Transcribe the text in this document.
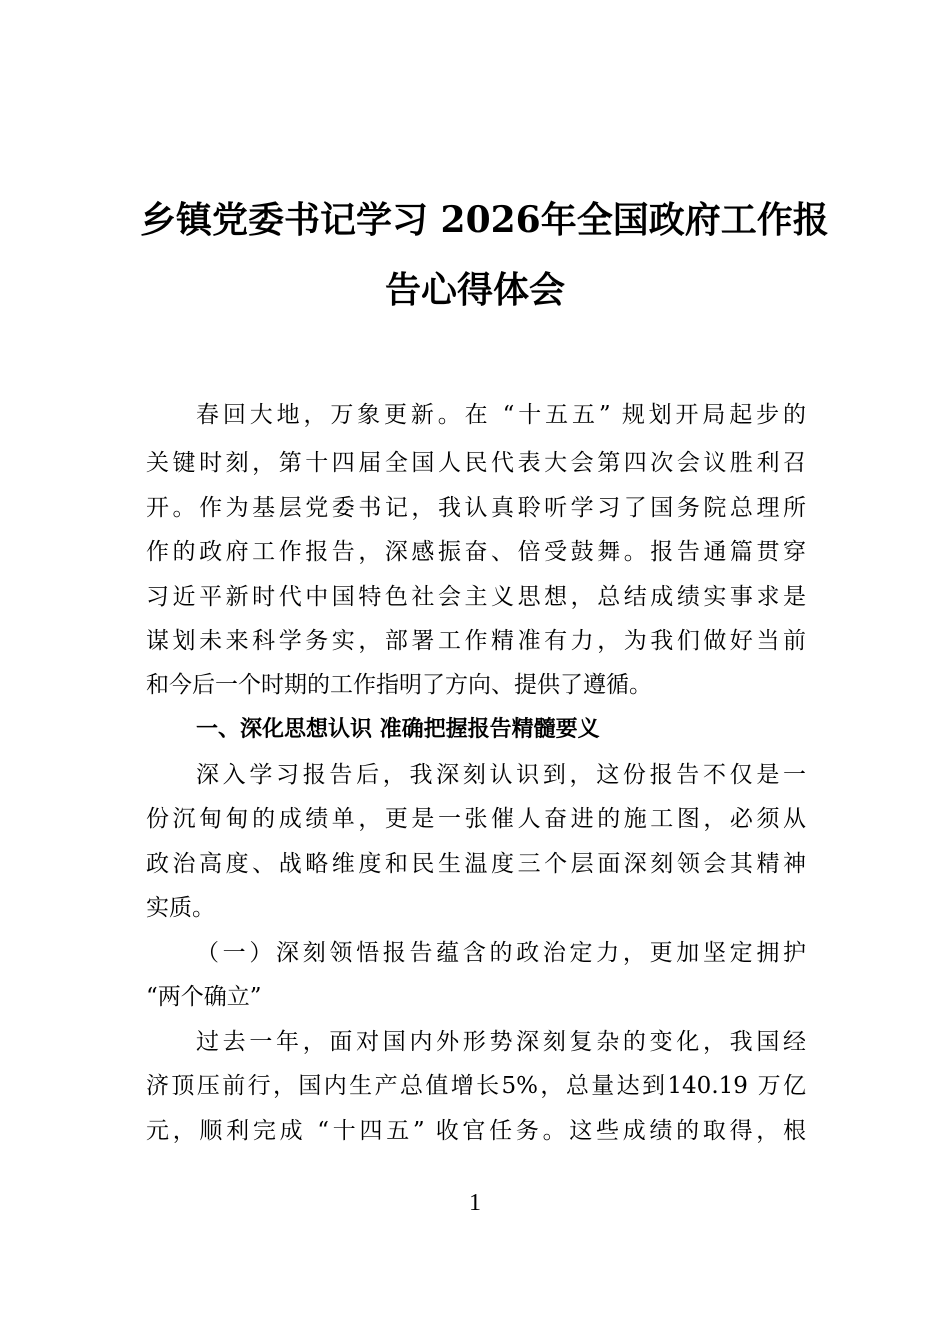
乡镇党委书记学习 2026年全国政府工作报
告心得体会
春回大地，万象更新。在 “十五五” 规划开局起步的
关键时刻，第十四届全国人民代表大会第四次会议胜利召
开。作为基层党委书记，我认真聆听学习了国务院总理所
作的政府工作报告，深感振奋、倍受鼓舞。报告通篇贯穿
习近平新时代中国特色社会主义思想，总结成绩实事求是
谋划未来科学务实，部署工作精准有力，为我们做好当前
和今后一个时期的工作指明了方向、提供了遵循。
一、深化思想认识 准确把握报告精髓要义
深入学习报告后，我深刻认识到，这份报告不仅是一
份沉甸甸的成绩单，更是一张催人奋进的施工图，必须从
政治高度、战略维度和民生温度三个层面深刻领会其精神
实质。
（一）深刻领悟报告蕴含的政治定力，更加坚定拥护
“两个确立”
过去一年，面对国内外形势深刻复杂的变化，我国经
济顶压前行，国内生产总值增长5%，总量达到140.19 万亿
元，顺利完成 “十四五” 收官任务。这些成绩的取得，根
1
